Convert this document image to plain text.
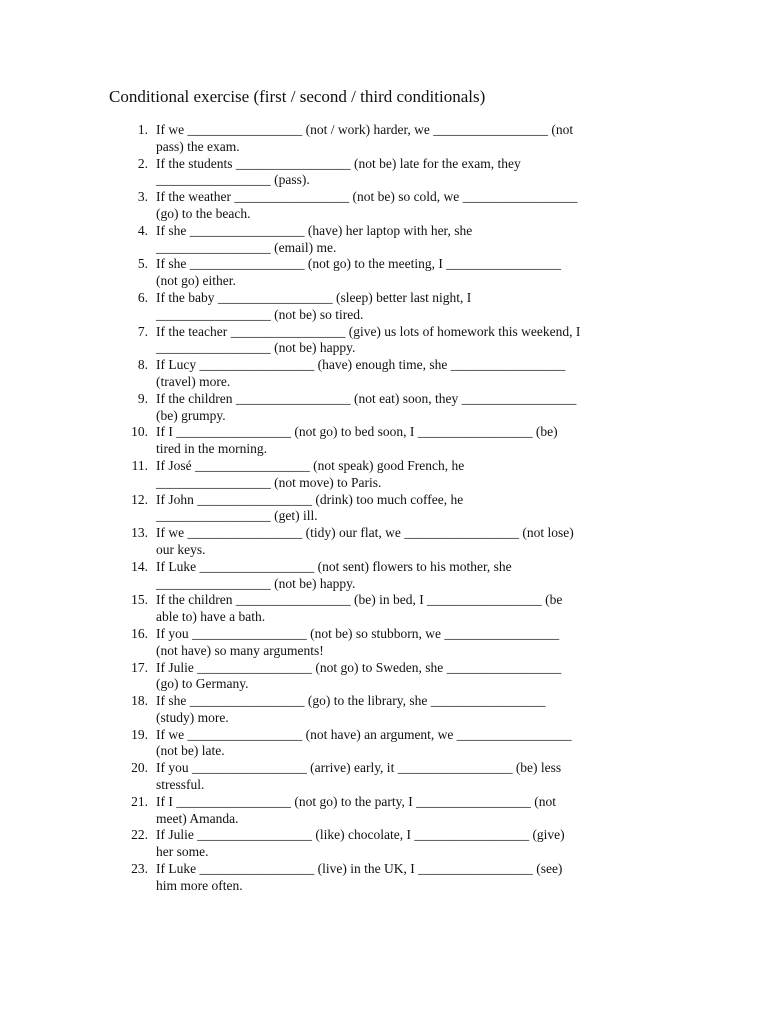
Conditional exercise (first / second / third conditionals)
1. If we _________________ (not / work) harder, we _________________ (not
pass) the exam.
2. If the students _________________ (not be) late for the exam, they
_________________ (pass).
3. If the weather _________________ (not be) so cold, we _________________
(go) to the beach.
4. If she _________________ (have) her laptop with her, she
_________________ (email) me.
5. If she _________________ (not go) to the meeting, I _________________
(not go) either.
6. If the baby _________________ (sleep) better last night, I
_________________ (not be) so tired.
7. If the teacher _________________ (give) us lots of homework this weekend, I
_________________ (not be) happy.
8. If Lucy _________________ (have) enough time, she _________________
(travel) more.
9. If the children _________________ (not eat) soon, they _________________
(be) grumpy.
10. If I _________________ (not go) to bed soon, I _________________ (be)
tired in the morning.
11. If José _________________ (not speak) good French, he
_________________ (not move) to Paris.
12. If John _________________ (drink) too much coffee, he
_________________ (get) ill.
13. If we _________________ (tidy) our flat, we _________________ (not lose)
our keys.
14. If Luke _________________ (not sent) flowers to his mother, she
_________________ (not be) happy.
15. If the children _________________ (be) in bed, I _________________ (be
able to) have a bath.
16. If you _________________ (not be) so stubborn, we _________________
(not have) so many arguments!
17. If Julie _________________ (not go) to Sweden, she _________________
(go) to Germany.
18. If she _________________ (go) to the library, she _________________
(study) more.
19. If we _________________ (not have) an argument, we _________________
(not be) late.
20. If you _________________ (arrive) early, it _________________ (be) less
stressful.
21. If I _________________ (not go) to the party, I _________________ (not
meet) Amanda.
22. If Julie _________________ (like) chocolate, I _________________ (give)
her some.
23. If Luke _________________ (live) in the UK, I _________________ (see)
him more often.
